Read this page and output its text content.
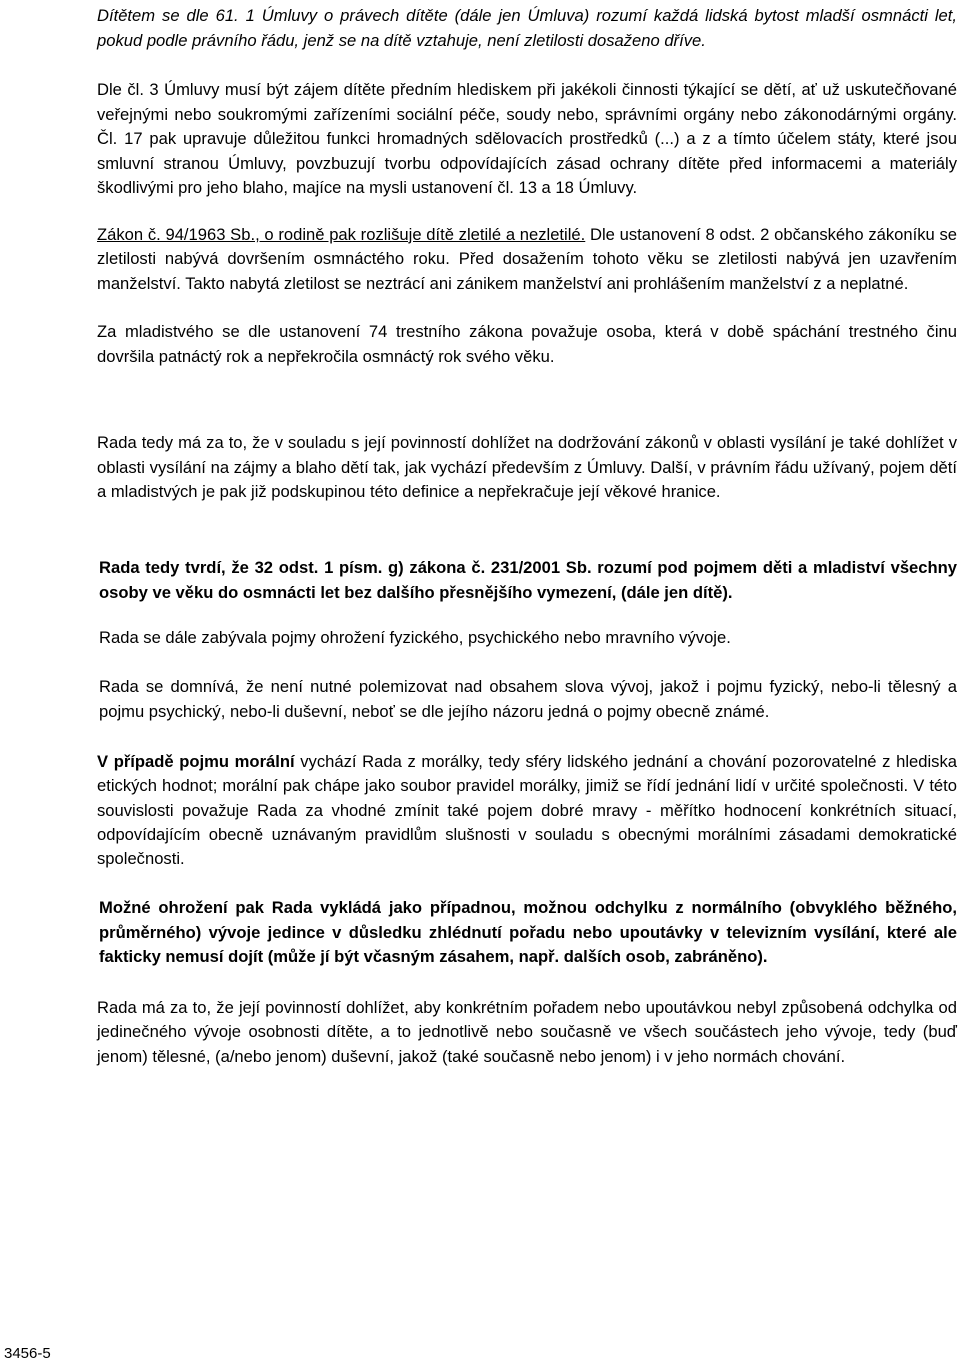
Dítětem se dle 61. 1 Úmluvy o právech dítěte (dále jen Úmluva) rozumí každá lidská bytost mladší osmnácti let, pokud podle právního řádu, jenž se na dítě vztahuje, není zletilosti dosaženo dříve.

Dle čl. 3 Úmluvy musí být zájem dítěte předním hlediskem při jakékoli činnosti týkající se dětí, ať už uskutečňované veřejnými nebo soukromými zařízeními sociální péče, soudy nebo, správními orgány nebo zákonodárnými orgány. Čl. 17 pak upravuje důležitou funkci hromadných sdělovacích prostředků (...) a z a tímto účelem státy, které jsou smluvní stranou Úmluvy, povzbuzují tvorbu odpovídajících zásad ochrany dítěte před informacemi a materiály škodlivými pro jeho blaho, majíce na mysli ustanovení čl. 13 a 18 Úmluvy.

Zákon č. 94/1963 Sb., o rodině pak rozlišuje dítě zletilé a nezletilé. Dle ustanovení 8 odst. 2 občanského zákoníku se zletilosti nabývá dovršením osmnáctého roku. Před dosažením tohoto věku se zletilosti nabývá jen uzavřením manželství. Takto nabytá zletilost se neztrácí ani zánikem manželství ani prohlášením manželství z a neplatné.

Za mladistvého se dle ustanovení 74 trestního zákona považuje osoba, která v době spáchání trestného činu dovršila patnáctý rok a nepřekročila osmnáctý rok svého věku.

Rada tedy má za to, že v souladu s její povinností dohlížet na dodržování zákonů v oblasti vysílání je také dohlížet v oblasti vysílání na zájmy a blaho dětí tak, jak vychází především z Úmluvy. Další, v právním řádu užívaný, pojem dětí a mladistvých je pak již podskupinou této definice a nepřekračuje její věkové hranice.

Rada tedy tvrdí, že 32 odst. 1 písm. g) zákona č. 231/2001 Sb. rozumí pod pojmem děti a mladiství všechny osoby ve věku do osmnácti let bez dalšího přesnějšího vymezení, (dále jen dítě).

Rada se dále zabývala pojmy ohrožení fyzického, psychického nebo mravního vývoje.

Rada se domnívá, že není nutné polemizovat nad obsahem slova vývoj, jakož i pojmu fyzický, nebo-li tělesný a pojmu psychický, nebo-li duševní, neboť se dle jejího názoru jedná o pojmy obecně známé.

V případě pojmu morální vychází Rada z morálky, tedy sféry lidského jednání a chování pozorovatelné z hlediska etických hodnot; morální pak chápe jako soubor pravidel morálky, jimiž se řídí jednání lidí v určité společnosti. V této souvislosti považuje Rada za vhodné zmínit také pojem dobré mravy - měřítko hodnocení konkrétních situací, odpovídajícím obecně uznávaným pravidlům slušnosti v souladu s obecnými morálními zásadami demokratické společnosti.

Možné ohrožení pak Rada vykládá jako případnou, možnou odchylku z normálního (obvyklého běžného, průměrného) vývoje jedince v důsledku zhlédnutí pořadu nebo upoutávky v televizním vysílání, které ale fakticky nemusí dojít (může jí být včasným zásahem, např. dalších osob, zabráněno).

Rada má za to, že její povinností dohlížet, aby konkrétním pořadem nebo upoutávkou nebyl způsobená odchylka od jedinečného vývoje osobnosti dítěte, a to jednotlivě nebo současně ve všech součástech jeho vývoje, tedy (buď jenom) tělesné, (a/nebo jenom) duševní, jakož (také současně nebo jenom) i v jeho normách chování.

3456-5
